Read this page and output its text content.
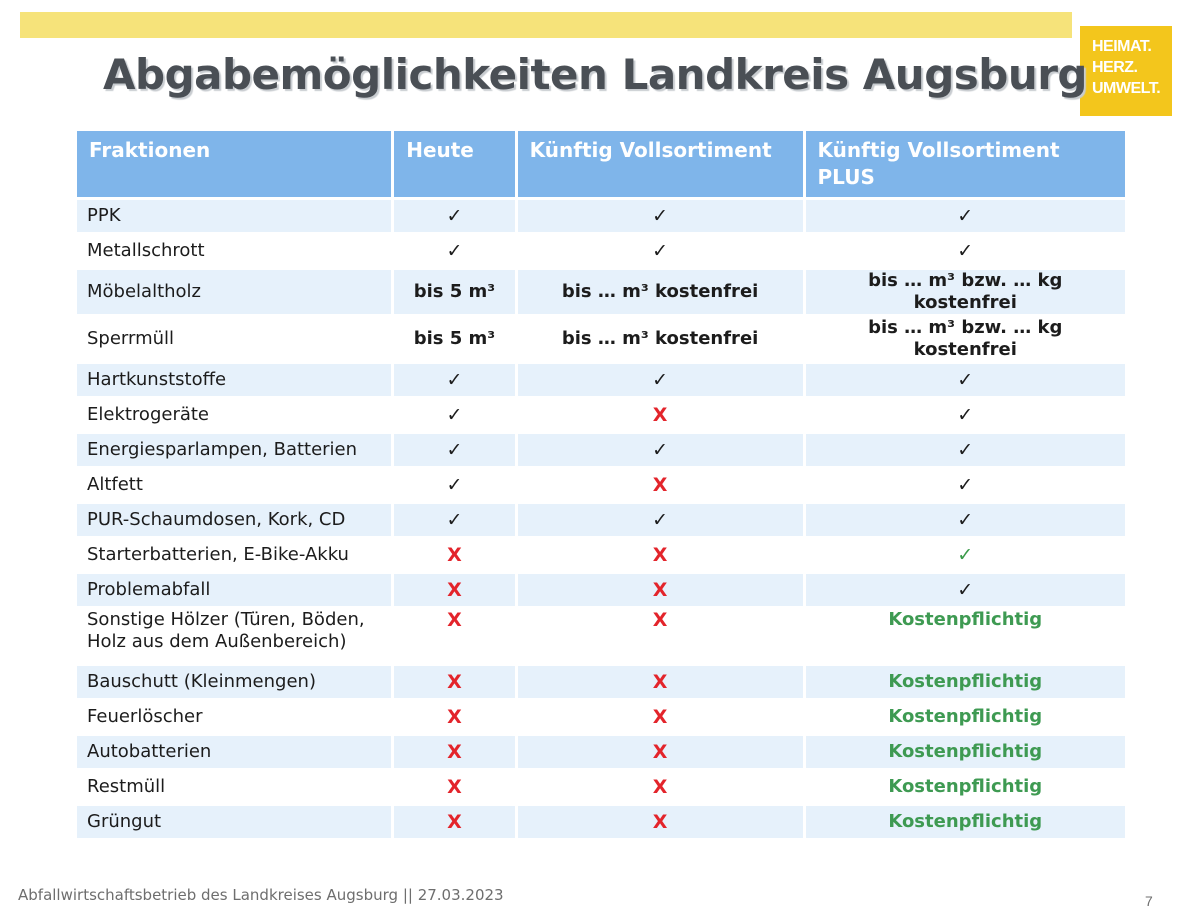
HEIMAT.
HERZ.
UMWELT.
Abgabemöglichkeiten Landkreis Augsburg
Fraktionen	Heute	Künftig Vollsortiment	Künftig Vollsortiment PLUS
PPK	✓	✓	✓
Metallschrott	✓	✓	✓
Möbelaltholz	bis 5 m³	bis … m³ kostenfrei	bis … m³ bzw. … kg kostenfrei
Sperrmüll	bis 5 m³	bis … m³ kostenfrei	bis … m³ bzw. … kg kostenfrei
Hartkunststoffe	✓	✓	✓
Elektrogeräte	✓	X	✓
Energiesparlampen, Batterien	✓	✓	✓
Altfett	✓	X	✓
PUR-Schaumdosen, Kork, CD	✓	✓	✓
Starterbatterien, E-Bike-Akku	X	X	✓
Problemabfall	X	X	✓
Sonstige Hölzer (Türen, Böden, Holz aus dem Außenbereich)	X	X	Kostenpflichtig
Bauschutt (Kleinmengen)	X	X	Kostenpflichtig
Feuerlöscher	X	X	Kostenpflichtig
Autobatterien	X	X	Kostenpflichtig
Restmüll	X	X	Kostenpflichtig
Grüngut	X	X	Kostenpflichtig
Abfallwirtschaftsbetrieb des Landkreises Augsburg || 27.03.2023	7
